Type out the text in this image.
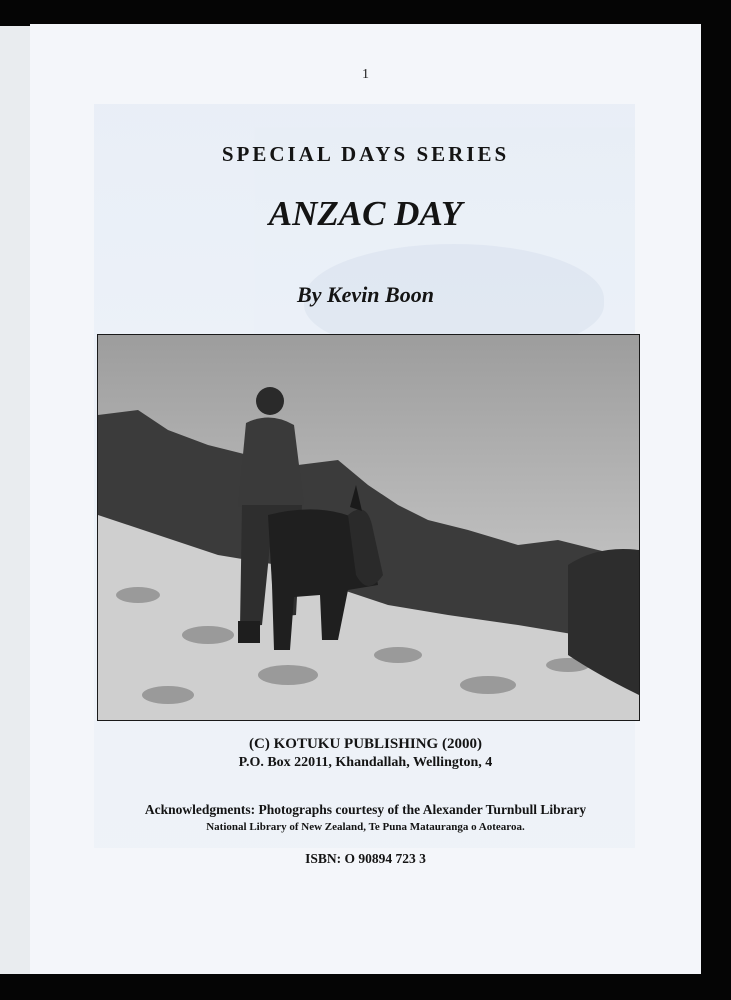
1
SPECIAL DAYS SERIES
ANZAC DAY
By Kevin Boon
(C) KOTUKU PUBLISHING (2000)
P.O. Box 22011, Khandallah, Wellington, 4
Acknowledgments: Photographs courtesy of the Alexander Turnbull Library
National Library of New Zealand, Te Puna Matauranga o Aotearoa.
ISBN: O 90894 723 3
